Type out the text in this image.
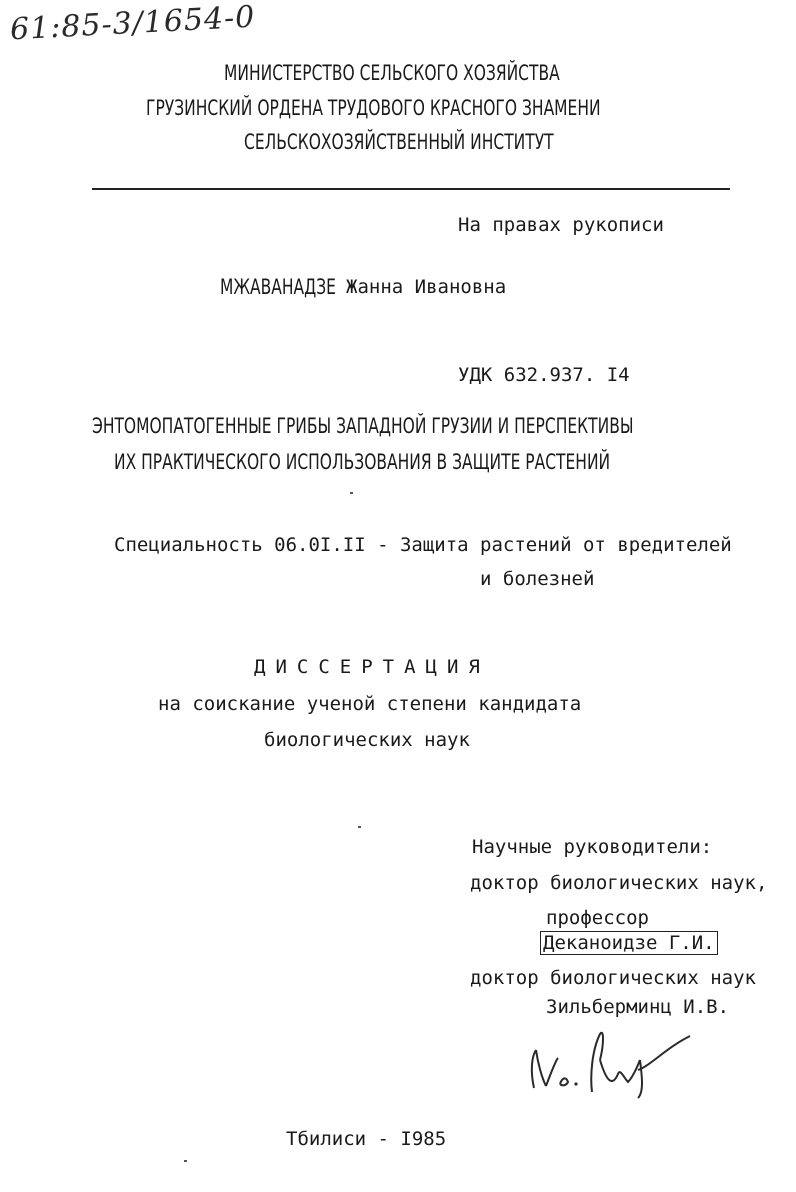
61:85-3/1654-0
МИНИСТЕРСТВО СЕЛЬСКОГО ХОЗЯЙСТВА
ГРУЗИНСКИЙ ОРДЕНА ТРУДОВОГО КРАСНОГО ЗНАМЕНИ
СЕЛЬСКОХОЗЯЙСТВЕННЫЙ ИНСТИТУТ
На правах рукописи
МЖАВАНАДЗЕ Жанна Ивановна
УДК 632.937. I4
ЭНТОМОПАТОГЕННЫЕ ГРИБЫ ЗАПАДНОЙ ГРУЗИИ И ПЕРСПЕКТИВЫ
ИХ ПРАКТИЧЕСКОГО ИСПОЛЬЗОВАНИЯ В ЗАЩИТЕ РАСТЕНИЙ
Специальность 06.0I.II - Защита растений от вредителей
и болезней
ДИССЕРТАЦИЯ
на соискание ученой степени кандидата
биологических наук
Научные руководители:
доктор биологических наук,
профессор
Деканоидзе Г.И.
доктор биологических наук
Зильберминц И.В.
Тбилиси - I985
